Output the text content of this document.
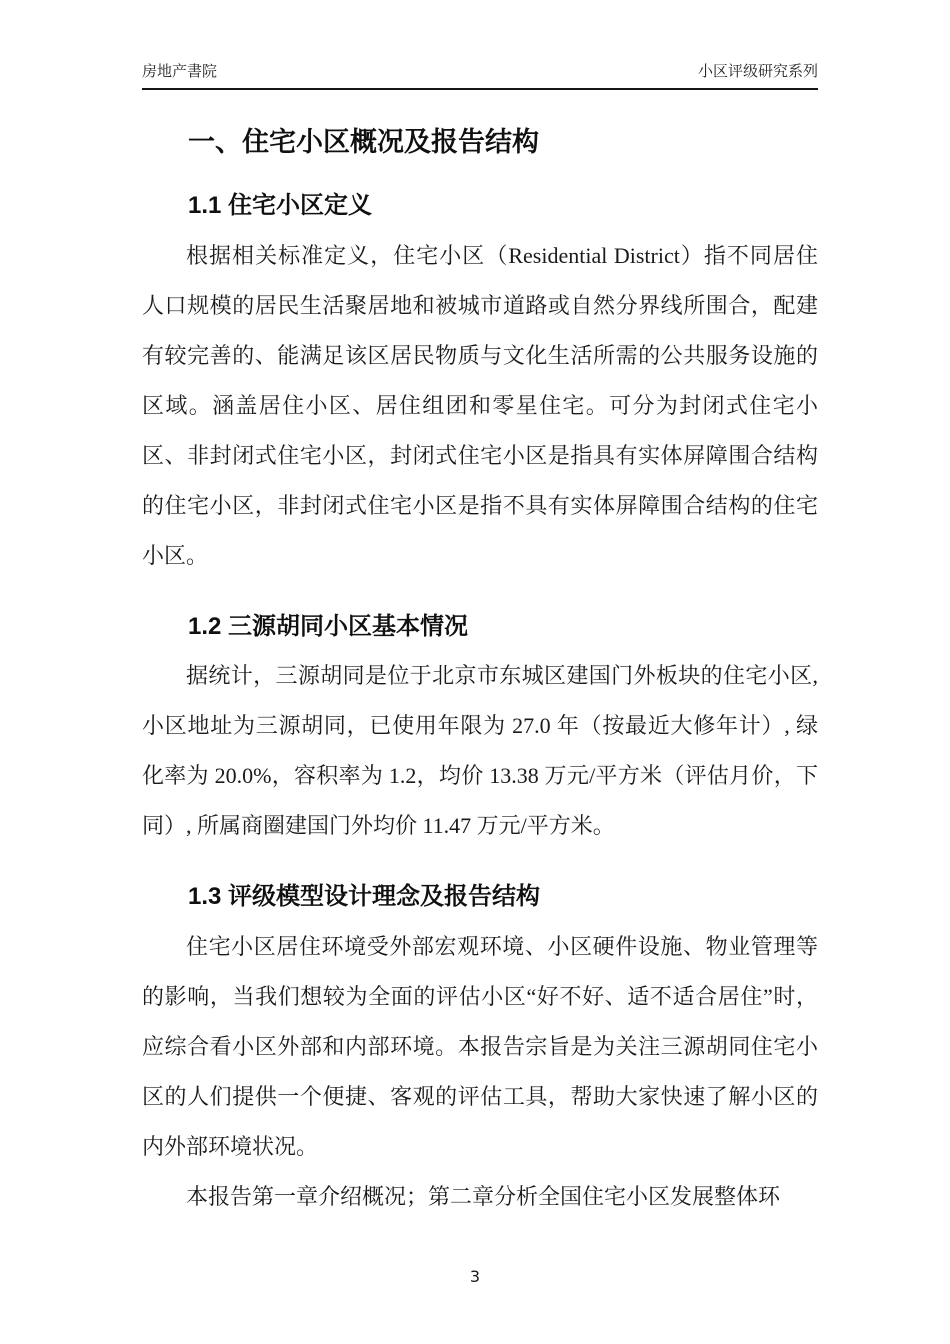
房地产書院	小区评级研究系列
一、住宅小区概况及报告结构
1.1 住宅小区定义

根据相关标准定义，住宅小区（Residential District）指不同居住人口规模的居民生活聚居地和被城市道路或自然分界线所围合，配建有较完善的、能满足该区居民物质与文化生活所需的公共服务设施的区域。涵盖居住小区、居住组团和零星住宅。可分为封闭式住宅小区、非封闭式住宅小区，封闭式住宅小区是指具有实体屏障围合结构的住宅小区，非封闭式住宅小区是指不具有实体屏障围合结构的住宅小区。

1.2 三源胡同小区基本情况

据统计，三源胡同是位于北京市东城区建国门外板块的住宅小区, 小区地址为三源胡同，已使用年限为 27.0 年（按最近大修年计）, 绿化率为 20.0%，容积率为 1.2，均价 13.38 万元/平方米（评估月价，下同）, 所属商圈建国门外均价 11.47 万元/平方米。

1.3 评级模型设计理念及报告结构

住宅小区居住环境受外部宏观环境、小区硬件设施、物业管理等的影响，当我们想较为全面的评估小区“好不好、适不适合居住”时，应综合看小区外部和内部环境。本报告宗旨是为关注三源胡同住宅小区的人们提供一个便捷、客观的评估工具，帮助大家快速了解小区的内外部环境状况。

本报告第一章介绍概况；第二章分析全国住宅小区发展整体环

3
